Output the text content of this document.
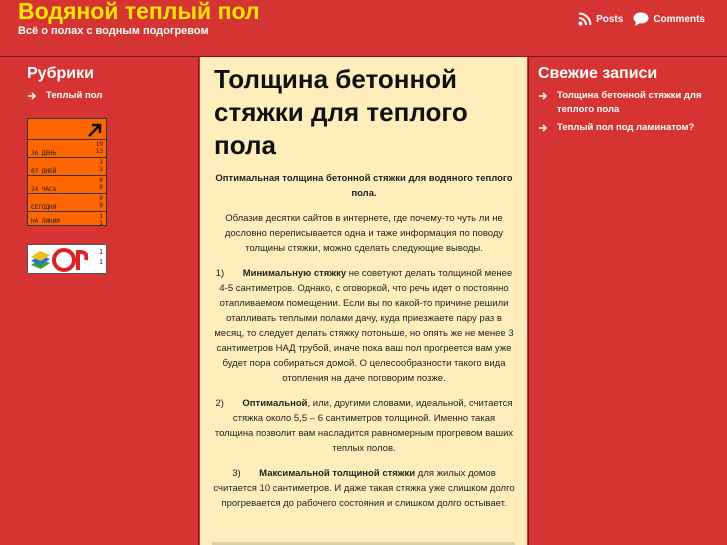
Водяной теплый пол
Всё о полах с водным подогревом
Posts	Comments
Рубрики
Теплый пол
ЗА ДЕНЬ
19
13
07 ДНЕЙ
3
3
24 ЧАСА
0
0
СЕГОДНЯ
0
0
НА ЛИНИИ
1
1
1
1
Толщина бетонной стяжки для теплого пола

Оптимальная толщина бетонной стяжки для водяного теплого пола.

Облазив десятки сайтов в интернете, где почему-то чуть ли не дословно переписывается одна и таже информация по поводу толщины стяжки, можно сделать следующие выводы.

1) Минимальную стяжку не советуют делать толщиной менее 4-5 сантиметров. Однако, с оговоркой, что речь идет о постоянно отапливаемом помещении. Если вы по какой-то причине решили отапливать теплыми полами дачу, куда приезжаете пару раз в месяц, то следует делать стяжку потоньше, но опять же не менее 3 сантиметров НАД трубой, иначе пока ваш пол прогреется вам уже будет пора собираться домой. О целесообразности такого вида отопления на даче поговорим позже.

2) Оптимальной, или, другими словами, идеальной, считается стяжка около 5,5 – 6 сантиметров толщиной. Именно такая толщина позволит вам насладится равномерным прогревом ваших теплых полов.

3) Максимальной толщиной стяжки для жилых домов считается 10 сантиметров. И даже такая стяжка уже слишком долго прогревается до рабочего состояния и слишком долго остывает.

Свежие записи
Толщина бетонной стяжки для теплого пола
Теплый пол под ламинатом?
